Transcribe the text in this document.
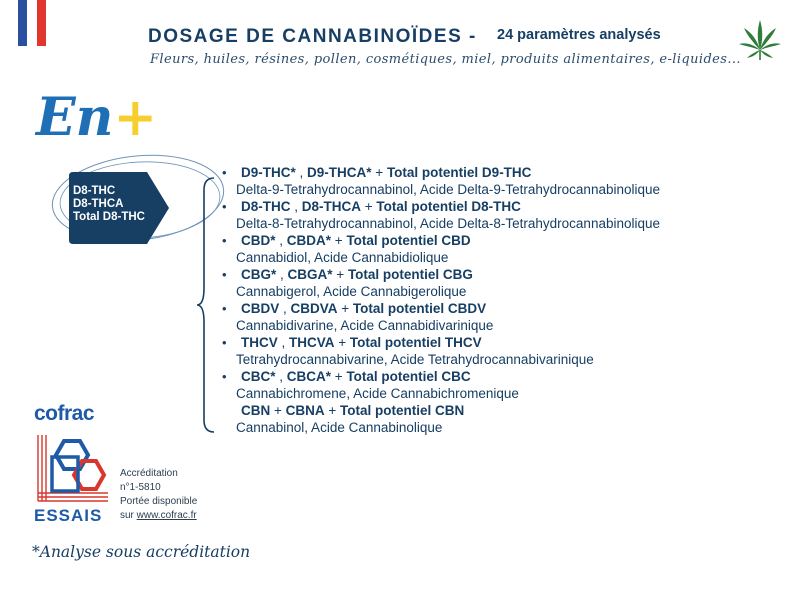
DOSAGE DE CANNABINOÏDES - 24 paramètres analysés
Fleurs, huiles, résines, pollen, cosmétiques, miel, produits alimentaires, e-liquides...
En+
D8-THC
D8-THCA
Total D8-THC
• D9-THC* , D9-THCA* + Total potentiel D9-THC
Delta-9-Tetrahydrocannabinol, Acide Delta-9-Tetrahydrocannabinolique
• D8-THC , D8-THCA + Total potentiel D8-THC
Delta-8-Tetrahydrocannabinol, Acide Delta-8-Tetrahydrocannabinolique
• CBD* , CBDA* + Total potentiel CBD
Cannabidiol, Acide Cannabidiolique
• CBG* , CBGA* + Total potentiel CBG
Cannabigerol, Acide Cannabigerolique
• CBDV , CBDVA + Total potentiel CBDV
Cannabidivarine, Acide Cannabidivarinique
• THCV , THCVA + Total potentiel THCV
Tetrahydrocannabivarine, Acide Tetrahydrocannabivarinique
• CBC* , CBCA* + Total potentiel CBC
Cannabichromene, Acide Cannabichromenique
CBN + CBNA + Total potentiel CBN
Cannabinol, Acide Cannabinolique
cofrac
ESSAIS
Accréditation
n°1-5810
Portée disponible
sur www.cofrac.fr
*Analyse sous accréditation
